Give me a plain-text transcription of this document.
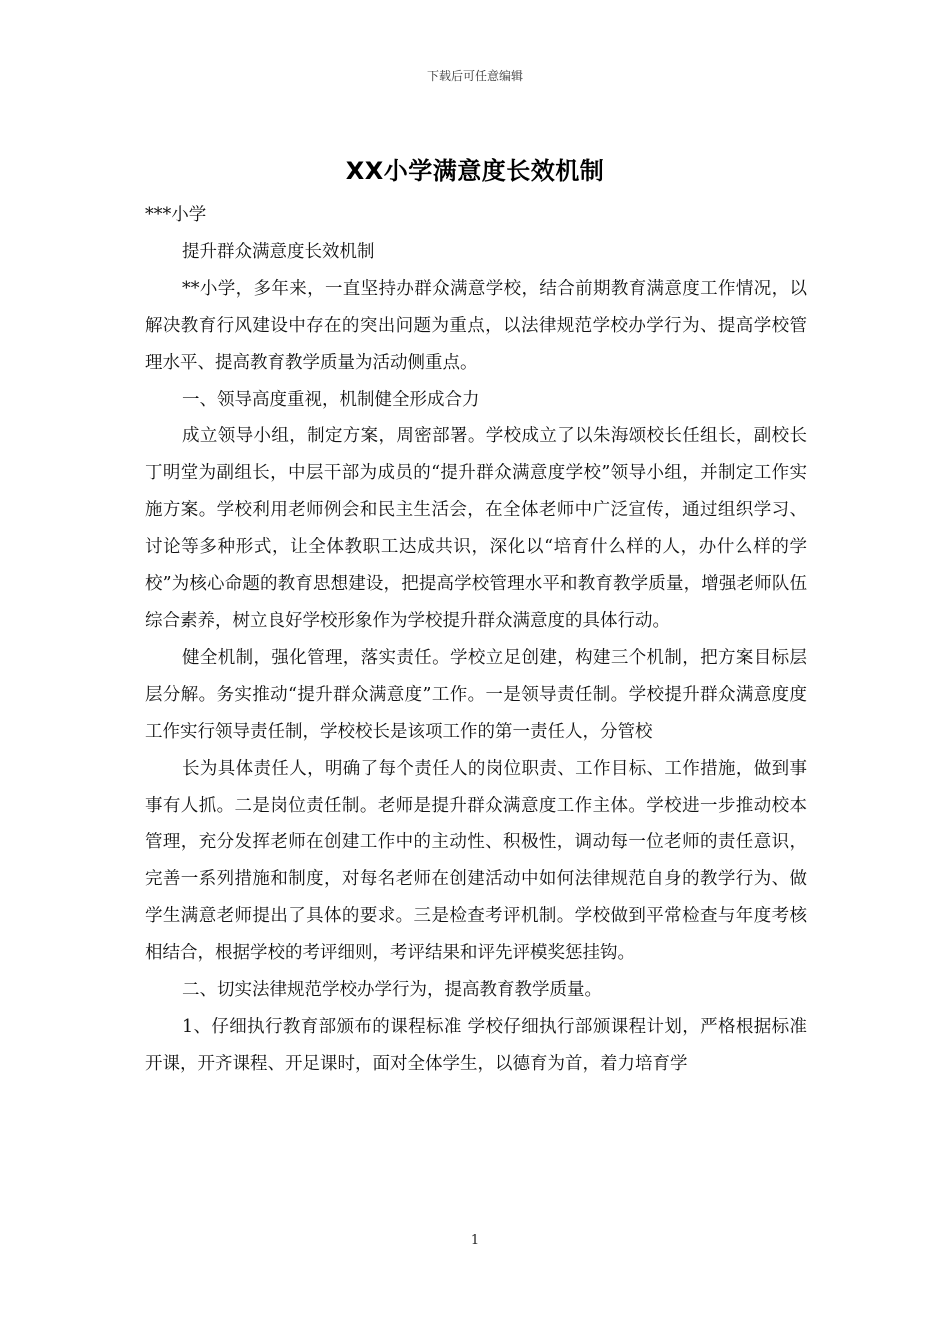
下载后可任意编辑
XX小学满意度长效机制

***小学

提升群众满意度长效机制

**小学，多年来，一直坚持办群众满意学校，结合前期教育满意度工作情况，以解决教育行风建设中存在的突出问题为重点，以法律规范学校办学行为、提高学校管理水平、提高教育教学质量为活动侧重点。

一、领导高度重视，机制健全形成合力

成立领导小组，制定方案，周密部署。学校成立了以朱海颂校长任组长，副校长丁明堂为副组长，中层干部为成员的“提升群众满意度学校”领导小组，并制定工作实施方案。学校利用老师例会和民主生活会，在全体老师中广泛宣传，通过组织学习、讨论等多种形式，让全体教职工达成共识，深化以“培育什么样的人，办什么样的学校”为核心命题的教育思想建设，把提高学校管理水平和教育教学质量，增强老师队伍综合素养，树立良好学校形象作为学校提升群众满意度的具体行动。

健全机制，强化管理，落实责任。学校立足创建，构建三个机制，把方案目标层层分解。务实推动“提升群众满意度”工作。一是领导责任制。学校提升群众满意度度工作实行领导责任制，学校校长是该项工作的第一责任人，分管校

长为具体责任人，明确了每个责任人的岗位职责、工作目标、工作措施，做到事事有人抓。二是岗位责任制。老师是提升群众满意度工作主体。学校进一步推动校本管理，充分发挥老师在创建工作中的主动性、积极性，调动每一位老师的责任意识，完善一系列措施和制度，对每名老师在创建活动中如何法律规范自身的教学行为、做学生满意老师提出了具体的要求。三是检查考评机制。学校做到平常检查与年度考核相结合，根据学校的考评细则，考评结果和评先评模奖惩挂钩。

二、切实法律规范学校办学行为，提高教育教学质量。

1、仔细执行教育部颁布的课程标准 学校仔细执行部颁课程计划，严格根据标准开课，开齐课程、开足课时，面对全体学生，以德育为首，着力培育学

1
